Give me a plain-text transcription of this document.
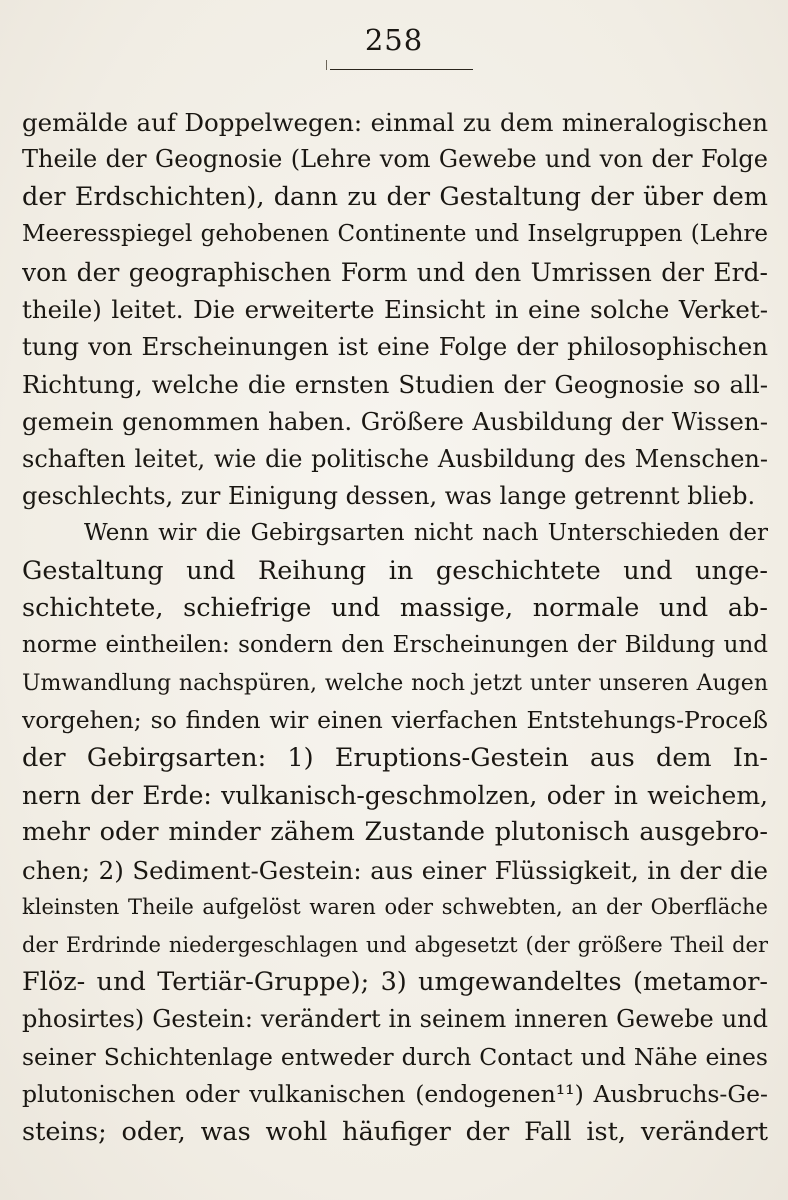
258
gemälde auf Doppelwegen: einmal zu dem mineralogischen
Theile der Geognosie (Lehre vom Gewebe und von der Folge
der Erdschichten), dann zu der Gestaltung der über dem
Meeresspiegel gehobenen Continente und Inselgruppen (Lehre
von der geographischen Form und den Umrissen der Erd-
theile) leitet. Die erweiterte Einsicht in eine solche Verket-
tung von Erscheinungen ist eine Folge der philosophischen
Richtung, welche die ernsten Studien der Geognosie so all-
gemein genommen haben. Größere Ausbildung der Wissen-
schaften leitet, wie die politische Ausbildung des Menschen-
geschlechts, zur Einigung dessen, was lange getrennt blieb.
Wenn wir die Gebirgsarten nicht nach Unterschieden der
Gestaltung und Reihung in geschichtete und unge-
schichtete, schiefrige und massige, normale und ab-
norme eintheilen: sondern den Erscheinungen der Bildung und
Umwandlung nachspüren, welche noch jetzt unter unseren Augen
vorgehen; so finden wir einen vierfachen Entstehungs-Proceß
der Gebirgsarten: 1) Eruptions-Gestein aus dem In-
nern der Erde: vulkanisch-geschmolzen, oder in weichem,
mehr oder minder zähem Zustande plutonisch ausgebro-
chen; 2) Sediment-Gestein: aus einer Flüssigkeit, in der die
kleinsten Theile aufgelöst waren oder schwebten, an der Oberfläche
der Erdrinde niedergeschlagen und abgesetzt (der größere Theil der
Flöz- und Tertiär-Gruppe); 3) umgewandeltes (metamor-
phosirtes) Gestein: verändert in seinem inneren Gewebe und
seiner Schichtenlage entweder durch Contact und Nähe eines
plutonischen oder vulkanischen (endogenen¹¹) Ausbruchs-Ge-
steins; oder, was wohl häufiger der Fall ist, verändert
